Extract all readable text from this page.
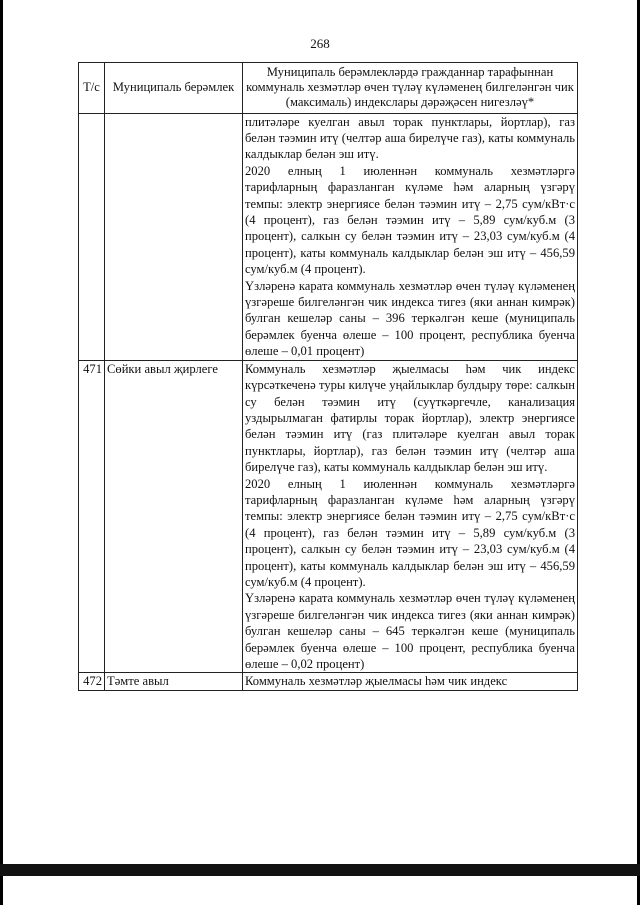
268
Т/с	Муниципаль берәмлек	Муниципаль берәмлекләрдә гражданнар тарафыннан коммуналь хезмәтләр өчен түләү күләменең билгеләнгән чик (максималь) индекслары дәрәҗәсен нигезләү*

		плитәләре куелган авыл торак пунктлары, йортлар), газ белән тәэмин итү (челтәр аша бирелүче газ), каты коммуналь калдыклар белән эш итү.
2020 елның 1 июленнән коммуналь хезмәтләргә тарифларның фаразланган күләме һәм аларның үзгәрү темпы: электр энергиясе белән тәэмин итү – 2,75 сум/кВт·с (4 процент), газ белән тәэмин итү – 5,89 сум/куб.м (3 процент), салкын су белән тәэмин итү – 23,03 сум/куб.м (4 процент), каты коммуналь калдыклар белән эш итү – 456,59 сум/куб.м (4 процент).
Үзләренә карата коммуналь хезмәтләр өчен түләү күләменең үзгәреше билгеләнгән чик индекса тигез (яки аннан кимрәк) булган кешеләр саны – 396 теркәлгән кеше (муниципаль берәмлек буенча өлеше – 100 процент, республика буенча өлеше – 0,01 процент)

471	Сөйки авыл җирлеге	Коммуналь хезмәтләр җыелмасы һәм чик индекс күрсәткеченә туры килүче уңайлыклар булдыру төре: салкын су белән тәэмин итү (суүткәргечле, канализация уздырылмаган фатирлы торак йортлар), электр энергиясе белән тәэмин итү (газ плитәләре куелган авыл торак пунктлары, йортлар), газ белән тәэмин итү (челтәр аша бирелүче газ), каты коммуналь калдыклар белән эш итү.
2020 елның 1 июленнән коммуналь хезмәтләргә тарифларның фаразланган күләме һәм аларның үзгәрү темпы: электр энергиясе белән тәэмин итү – 2,75 сум/кВт·с (4 процент), газ белән тәэмин итү – 5,89 сум/куб.м (3 процент), салкын су белән тәэмин итү – 23,03 сум/куб.м (4 процент), каты коммуналь калдыклар белән эш итү – 456,59 сум/куб.м (4 процент).
Үзләренә карата коммуналь хезмәтләр өчен түләү күләменең үзгәреше билгеләнгән чик индекса тигез (яки аннан кимрәк) булган кешеләр саны – 645 теркәлгән кеше (муниципаль берәмлек буенча өлеше – 100 процент, республика буенча өлеше – 0,02 процент)

472	Тәмте авыл	Коммуналь хезмәтләр җыелмасы һәм чик индекс
